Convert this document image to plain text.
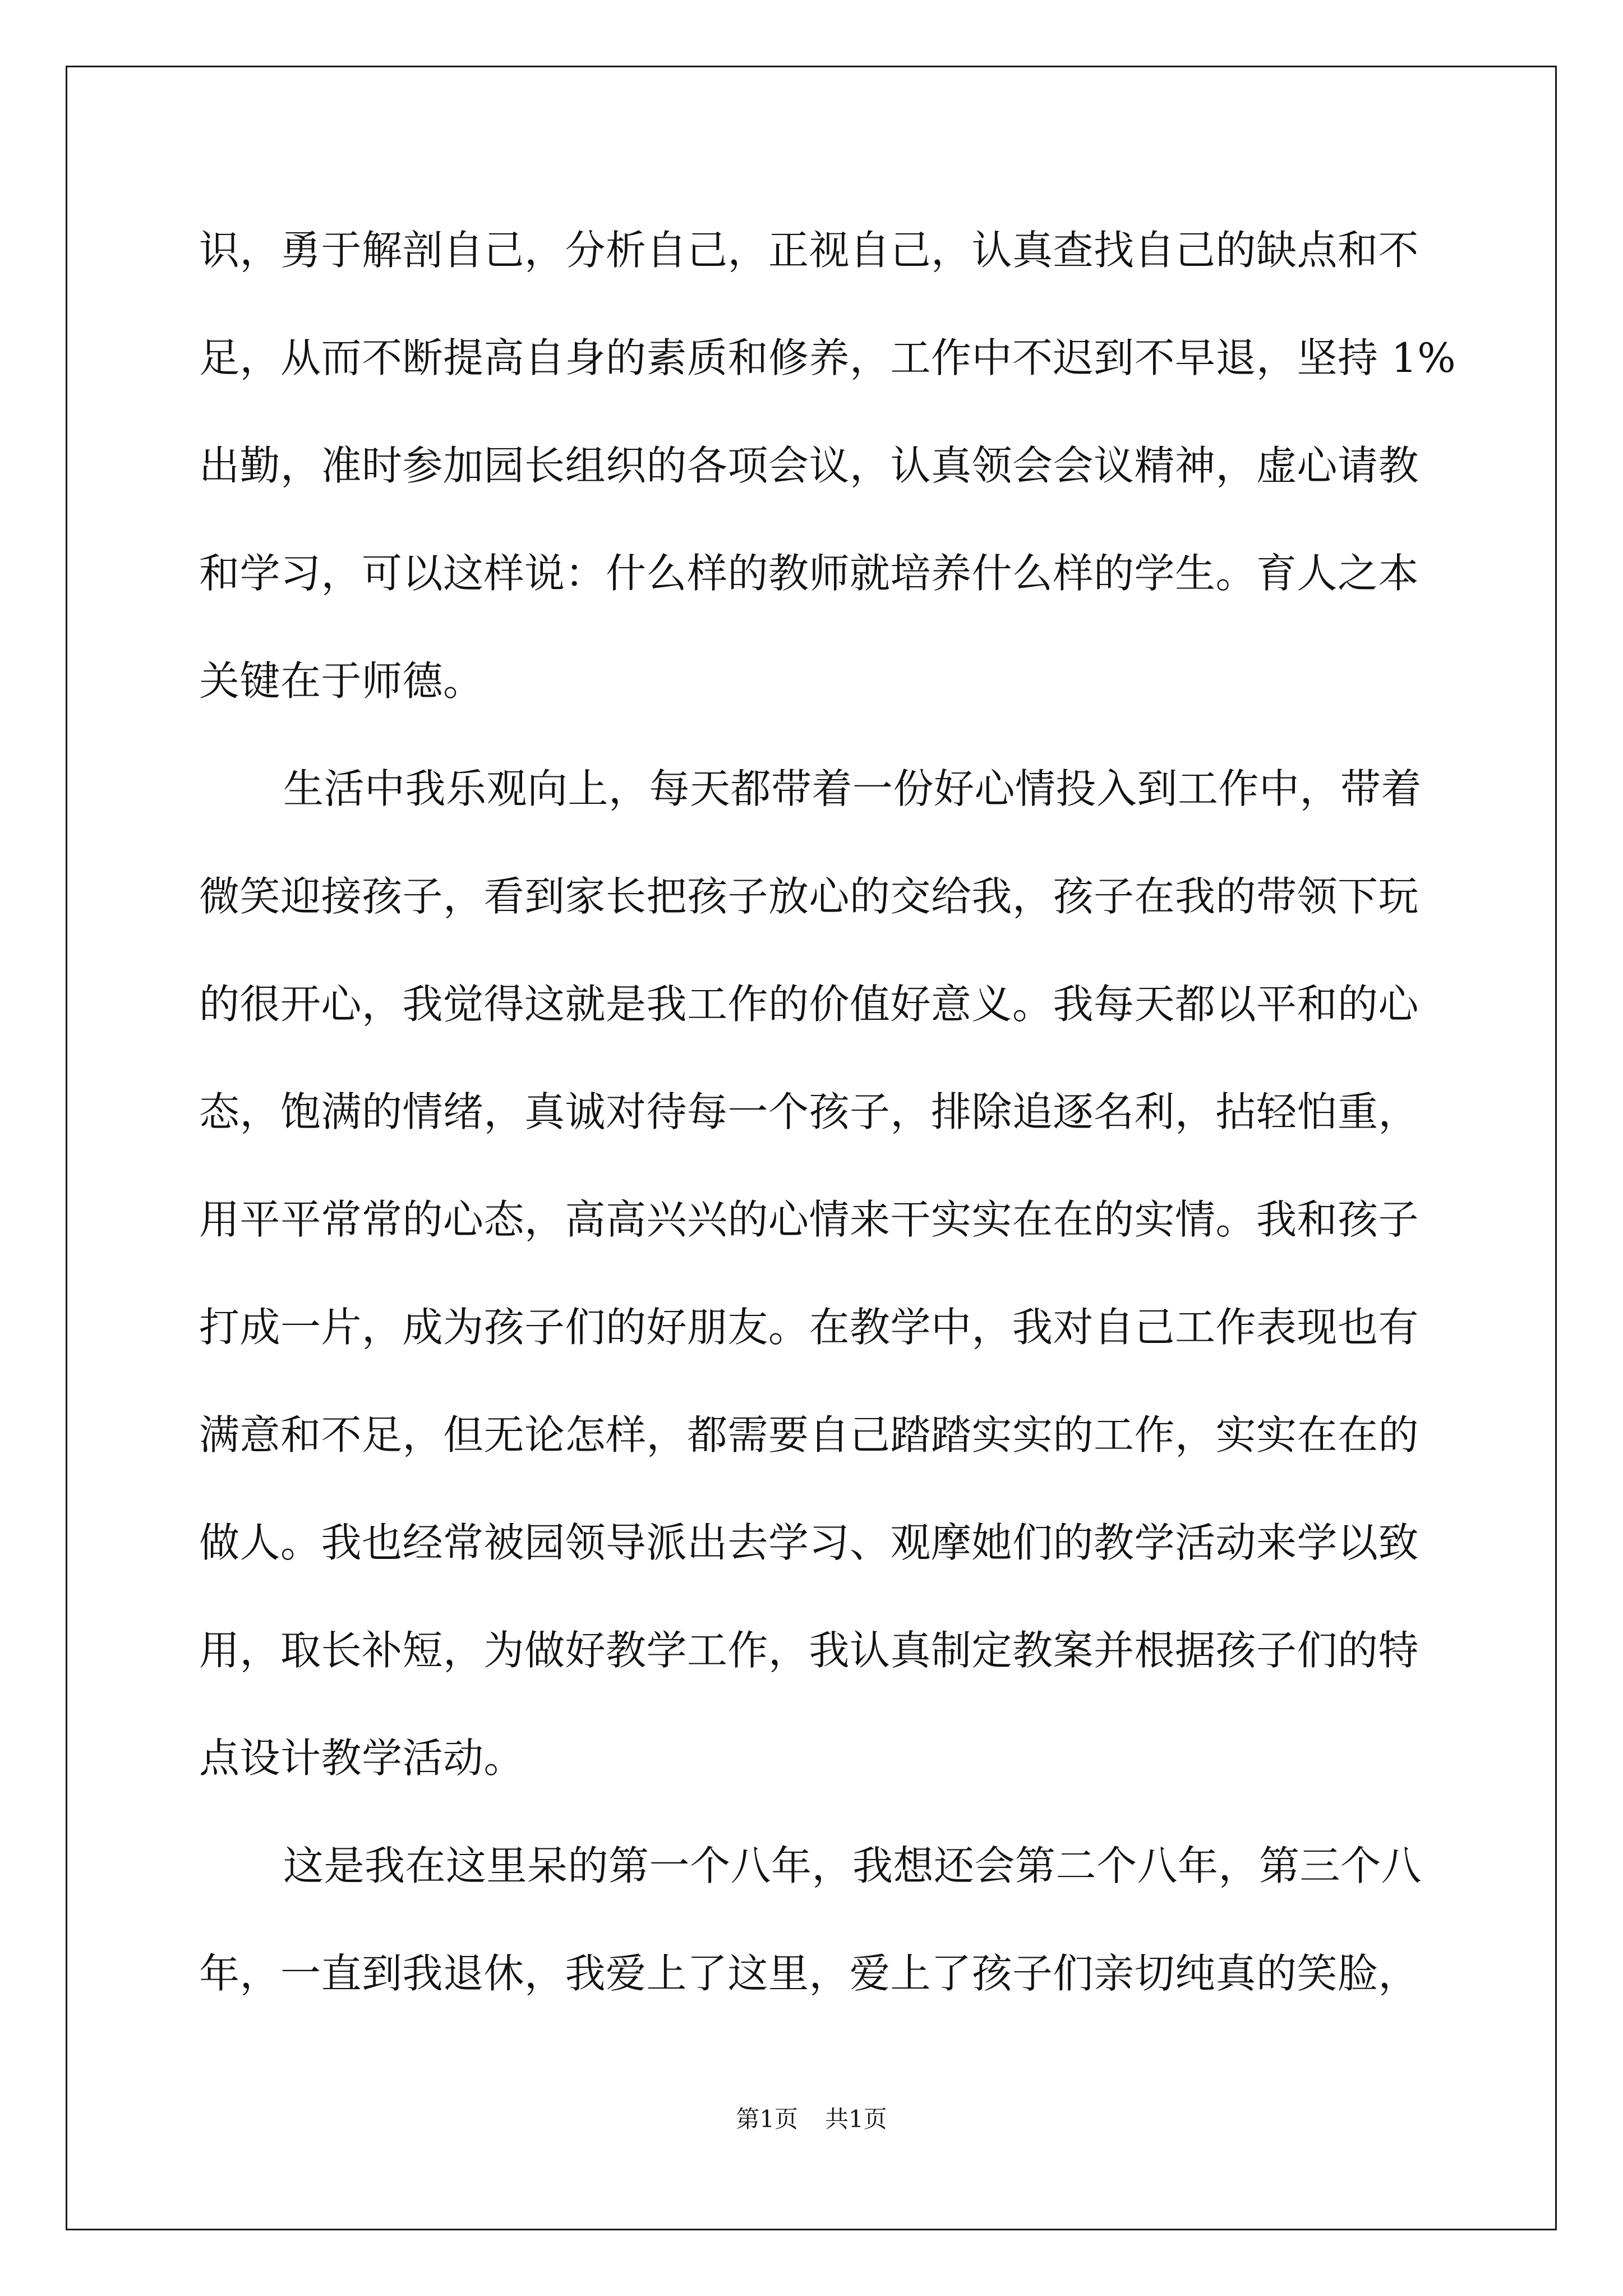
识，勇于解剖自己，分析自己，正视自己，认真查找自己的缺点和不
足，从而不断提高自身的素质和修养，工作中不迟到不早退，坚持 1%
出勤，准时参加园长组织的各项会议，认真领会会议精神，虚心请教
和学习，可以这样说：什么样的教师就培养什么样的学生。育人之本
关键在于师德。
生活中我乐观向上，每天都带着一份好心情投入到工作中，带着
微笑迎接孩子，看到家长把孩子放心的交给我，孩子在我的带领下玩
的很开心，我觉得这就是我工作的价值好意义。我每天都以平和的心
态，饱满的情绪，真诚对待每一个孩子，排除追逐名利，拈轻怕重，
用平平常常的心态，高高兴兴的心情来干实实在在的实情。我和孩子
打成一片，成为孩子们的好朋友。在教学中，我对自己工作表现也有
满意和不足，但无论怎样，都需要自己踏踏实实的工作，实实在在的
做人。我也经常被园领导派出去学习、观摩她们的教学活动来学以致
用，取长补短，为做好教学工作，我认真制定教案并根据孩子们的特
点设计教学活动。
这是我在这里呆的第一个八年，我想还会第二个八年，第三个八
年，一直到我退休，我爱上了这里，爱上了孩子们亲切纯真的笑脸，
第1页 共1页
